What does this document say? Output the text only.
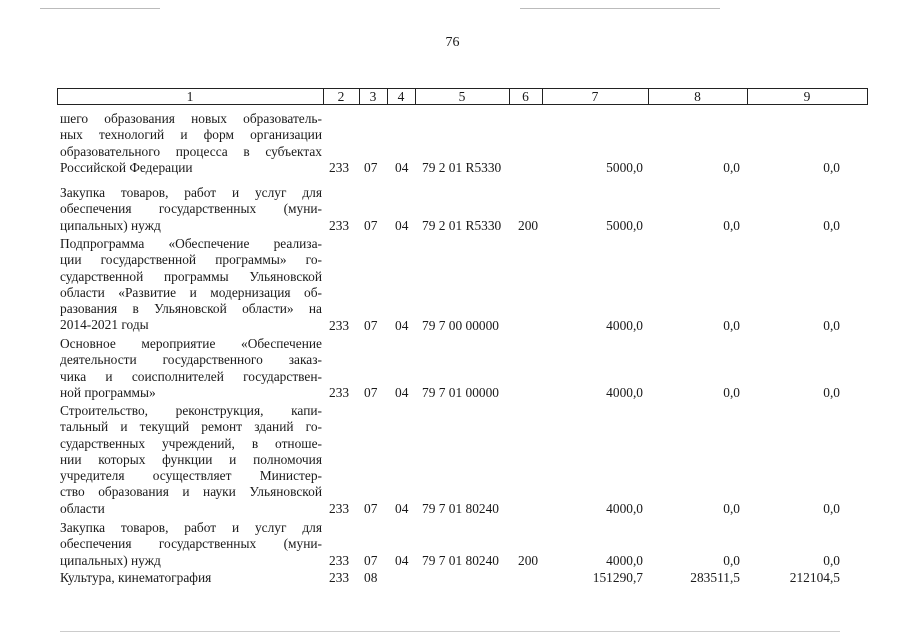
76
1	2	3	4	5	6	7	8	9
шего образования новых образователь-
ных технологий и форм организации
образовательного процесса в субъектах
Российской Федерации	233 07 04 79 2 01 R5330	5000,0	0,0	0,0
Закупка товаров, работ и услуг для
обеспечения государственных (муни-
ципальных) нужд	233 07 04 79 2 01 R5330 200	5000,0	0,0	0,0
Подпрограмма «Обеспечение реализа-
ции государственной программы» го-
сударственной программы Ульяновской
области «Развитие и модернизация об-
разования в Ульяновской области» на
2014-2021 годы	233 07 04 79 7 00 00000	4000,0	0,0	0,0
Основное мероприятие «Обеспечение
деятельности государственного заказ-
чика и соисполнителей государствен-
ной программы»	233 07 04 79 7 01 00000	4000,0	0,0	0,0
Строительство, реконструкция, капи-
тальный и текущий ремонт зданий го-
сударственных учреждений, в отноше-
нии которых функции и полномочия
учредителя осуществляет Министер-
ство образования и науки Ульяновской
области	233 07 04 79 7 01 80240	4000,0	0,0	0,0
Закупка товаров, работ и услуг для
обеспечения государственных (муни-
ципальных) нужд	233 07 04 79 7 01 80240 200	4000,0	0,0	0,0
Культура, кинематография	233 08	151290,7	283511,5	212104,5
